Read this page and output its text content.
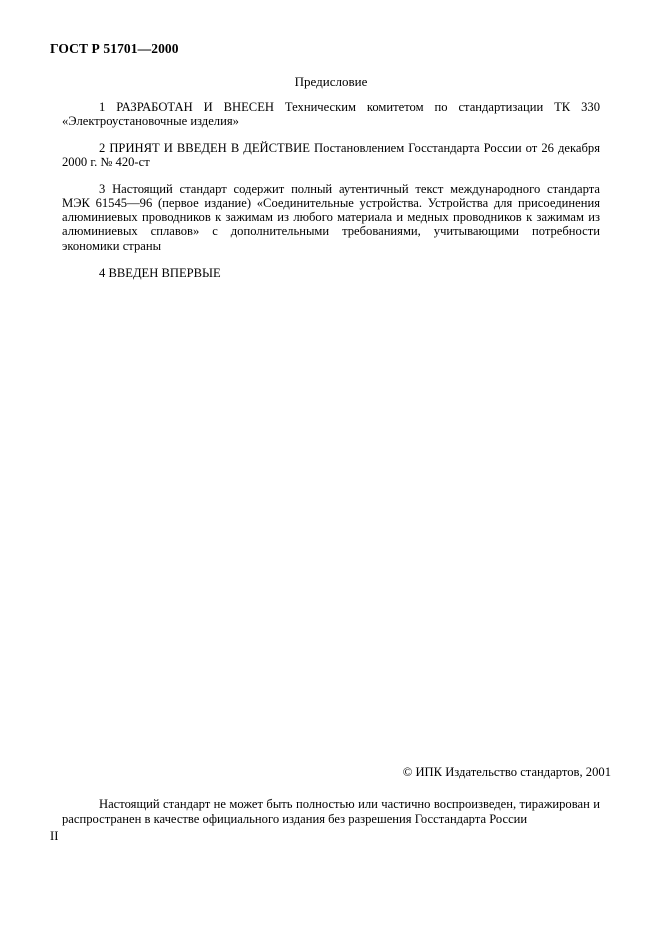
ГОСТ Р 51701—2000
Предисловие

1 РАЗРАБОТАН И ВНЕСЕН Техническим комитетом по стандартизации ТК 330 «Электроустановочные изделия»

2 ПРИНЯТ И ВВЕДЕН В ДЕЙСТВИЕ Постановлением Госстандарта России от 26 декабря 2000 г. № 420-ст

3 Настоящий стандарт содержит полный аутентичный текст международного стандарта МЭК 61545—96 (первое издание) «Соединительные устройства. Устройства для присоединения алюминиевых проводников к зажимам из любого материала и медных проводников к зажимам из алюминиевых сплавов» с дополнительными требованиями, учитывающими потребности экономики страны

4 ВВЕДЕН ВПЕРВЫЕ

© ИПК Издательство стандартов, 2001
Настоящий стандарт не может быть полностью или частично воспроизведен, тиражирован и распространен в качестве официального издания без разрешения Госстандарта России
II
